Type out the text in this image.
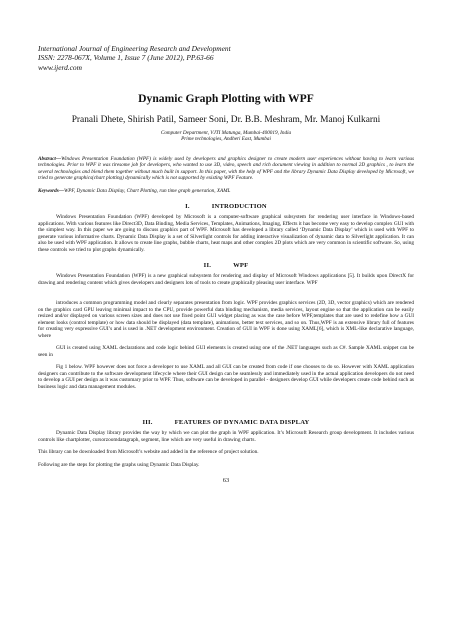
International Journal of Engineering Research and Development

ISSN: 2278-067X, Volume 1, Issue 7 (June 2012), PP.63-66

www.ijerd.com

Dynamic Graph Plotting with WPF

Pranali Dhete, Shirish Patil, Sameer Soni, Dr. B.B. Meshram, Mr. Manoj Kulkarni

Computer Department, VJTI Matunga, Mumbai-400019, India
Prime technologies, Andheri East, Mumbai

Abstract—Windows Presentation Foundation (WPF) is widely used by developers and graphics designer to create modern user experiences without having to learn various technologies. Prior to WPF it was tiresome job for developers, who wanted to use 3D, video, speech and rich document viewing in addition to normal 2D graphics , to learn the several technologies and blend them together without much built in support. In this paper, with the help of WPF and the library Dynamic Data Display developed by Microsoft, we tried to generate graphics(chart plotting) dynamically which is not supported by existing WPF Feature.

Keywords—WPF, Dynamic Data Display, Chart Plotting, run time graph generation, XAML

I.	INTRODUCTION

Windows Presentation Foundation (WPF) developed by Microsoft is a computer-software graphical subsystem for rendering user interface in Windows-based applications. With various features like Direct3D, Data Binding, Media Services, Templates, Animations, Imaging, Effects it has become very easy to develop complex GUI with the simplest way. In this paper we are going to discuss graphics part of WPF. Microsoft has developed a library called ‘Dynamic Data Display’ which is used with WPF to generate various informative charts. Dynamic Data Display is a set of Silverlight controls for adding interactive visualization of dynamic data to Silverlight application. It can also be used with WPF application. It allows to create line graphs, bubble charts, heat maps and other complex 2D plots which are very common in scientific software. So, using these controls we tried to plot graphs dynamically.

II.	WPF

Windows Presentation Foundation (WPF) is a new graphical subsystem for rendering and display of Microsoft Windows applications [5]. It builds upon DirectX for drawing and rendering content which gives developers and designers lots of tools to create graphically pleasing user interface. WPF

introduces a common programming model and clearly separates presentation from logic. WPF provides graphics services (2D, 3D, vector graphics) which are rendered on the graphics card GPU leaving minimal impact to the CPU, provide powerful data binding mechanism, media services, layout engine so that the application can be easily resized and/or displayed on various screen sizes and does not use fixed point GUI widget placing as was the case before WPF,templates that are used to redefine how a GUI element looks (control template) or how data should be displayed (data template), animations, better text services, and so on. Thus,WPF is an extensive library full of features for creating very expressive GUI’s and is used in .NET development environment. Creation of GUI in WPF is done using XAML[6], which is XML-like declarative language, where

GUI is created using XAML declarations and code logic behind GUI elements is created using one of the .NET languages such as C#. Sample XAML snippet can be seen in

Fig 1 below. WPF however does not force a developer to use XAML and all GUI can be created from code if one chooses to do so. However with XAML application designers can contribute to the software development lifecycle where their GUI design can be seamlessly and immediately used in the actual application developers do not need to develop a GUI per design as it was customary prior to WPF. Thus, software can be developed in parallel - designers develop GUI while developers create code behind such as business logic and data management modules.

III.	FEATURES OF DYNAMIC DATA DISPLAY

Dynamic Data Display library provides the way by which we can plot the graph in WPF application. It’s Microsoft Research group development. It includes various controls like chartplotter, cursorzoomdatagraph, segment, line which are very useful in drawing charts.

This library can be downloaded from Microsoft’s website and added in the reference of project solution.

Following are the steps for plotting the graphs using Dynamic Data Display.

63
